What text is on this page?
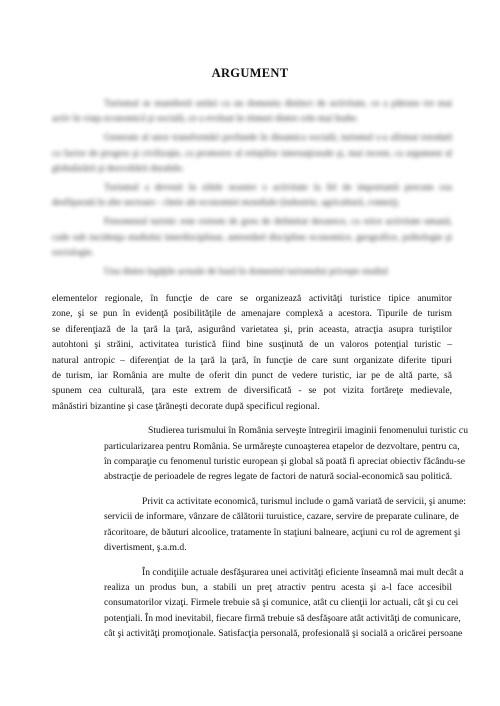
ARGUMENT

Turismul se manifestă astăzi ca un domeniu distinct de activitate, ce a pătruns tot mai activ în viaţa economică şi socială, ce a evoluat în ritmuri dintre cele mai înalte.

Generate al unor transformări profunde în dinamica socială, turismul s-a afirmat totodată ca factor de progres şi civilizaţie, ca promotor al relaţiilor internaţionale şi, mai recent, ca argument al globalizării şi dezvoltării durabile.

Turismul a devenit în zilele noastre o activitate la fel de importantă precum cea desfăşurată în alte sectoare - cheie ale economiei mondiale (industrie, agricultură, comerţ).

Fenomenul turistic este extrem de greu de delimitat deoarece, ca orice activitate umană, cade sub incidenţa studiului interdisciplinar, antrenând discipline economice, geografice, psihologie şi sociologie.

Una dintre legăţile actuale de bază în domeniul turismului priveşte studiul

elementelor regionale, în funcţie de care se organizează activităţi turistice tipice anumitor
zone, şi se pun în evidenţă posibilităţile de amenajare complexă a acestora. Tipurile de turism
se diferenţiază de la ţară la ţară, asigurând varietatea şi, prin aceasta, atracţia asupra turiştilor
autohtoni şi străini, activitatea turistică fiind bine susţinută de un valoros potenţial turistic –
natural antropic – diferenţiat de la ţară la ţară, în funcţie de care sunt organizate diferite tipuri
de turism, iar România are multe de oferit din punct de vedere turistic, iar pe de altă parte, să
spunem cea culturală, ţara este extrem de diversificată - se pot vizita fortăreţe medievale,
mânăstiri bizantine şi case ţărăneşti decorate după specificul regional.

Studierea turismului în România serveşte întregirii imaginii fenomenului turistic cu
particularizarea pentru România. Se urmăreşte cunoaşterea etapelor de dezvoltare, pentru ca,
în comparaţie cu fenomenul turistic european şi global să poată fi apreciat obiectiv făcându-se
abstracţie de perioadele de regres legate de factori de natură social-economică sau politică.

Privit ca activitate economică, turismul include o gamă variată de servicii, şi anume:
servicii de informare, vânzare de călătorii turuistice, cazare, servire de preparate culinare, de
răcoritoare, de băuturi alcoolice, tratamente în staţiuni balneare, acţiuni cu rol de agrement şi
divertisment, ş.a.m.d.

În condiţiile actuale desfăşurarea unei activităţi eficiente înseamnă mai mult decât a
realiza un produs bun, a stabili un preţ atractiv pentru acesta şi a-l face accesibil
consumatorilor vizaţi. Firmele trebuie să şi comunice, atât cu clienţii lor actuali, cât şi cu cei
potenţiali. În mod inevitabil, fiecare firmă trebuie să desfăşoare atât activităţi de comunicare,
cât şi activităţi promoţionale. Satisfacţia personală, profesională şi socială a oricărei persoane
